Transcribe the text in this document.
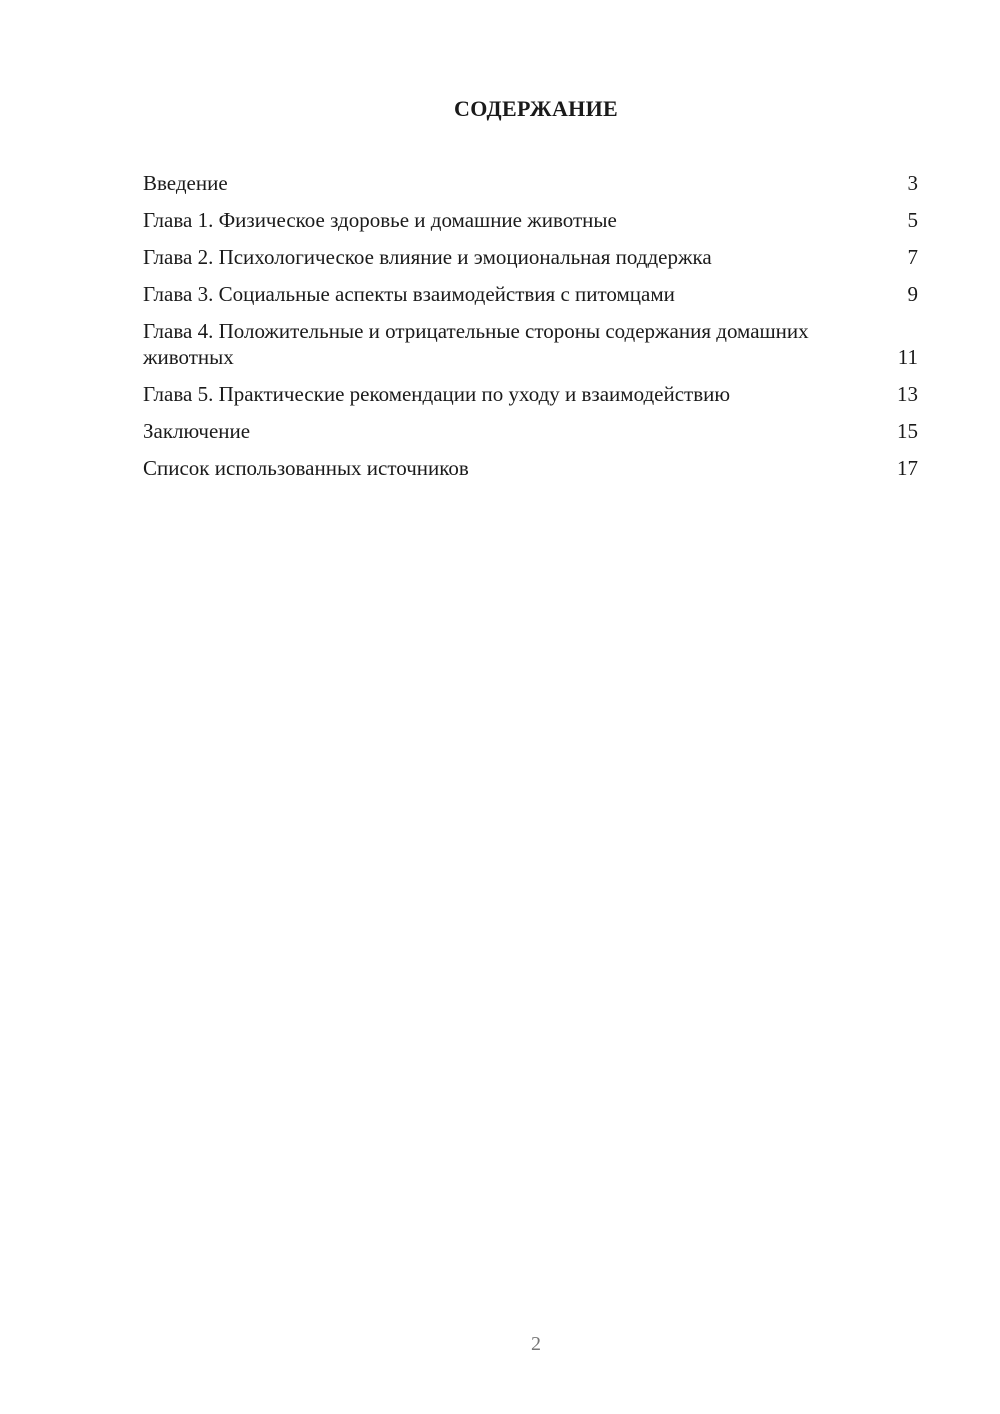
СОДЕРЖАНИЕ
Введение	3
Глава 1. Физическое здоровье и домашние животные	5
Глава 2. Психологическое влияние и эмоциональная поддержка	7
Глава 3. Социальные аспекты взаимодействия с питомцами	9
Глава 4. Положительные и отрицательные стороны содержания домашних животных	11
Глава 5. Практические рекомендации по уходу и взаимодействию	13
Заключение	15
Список использованных источников	17
2
